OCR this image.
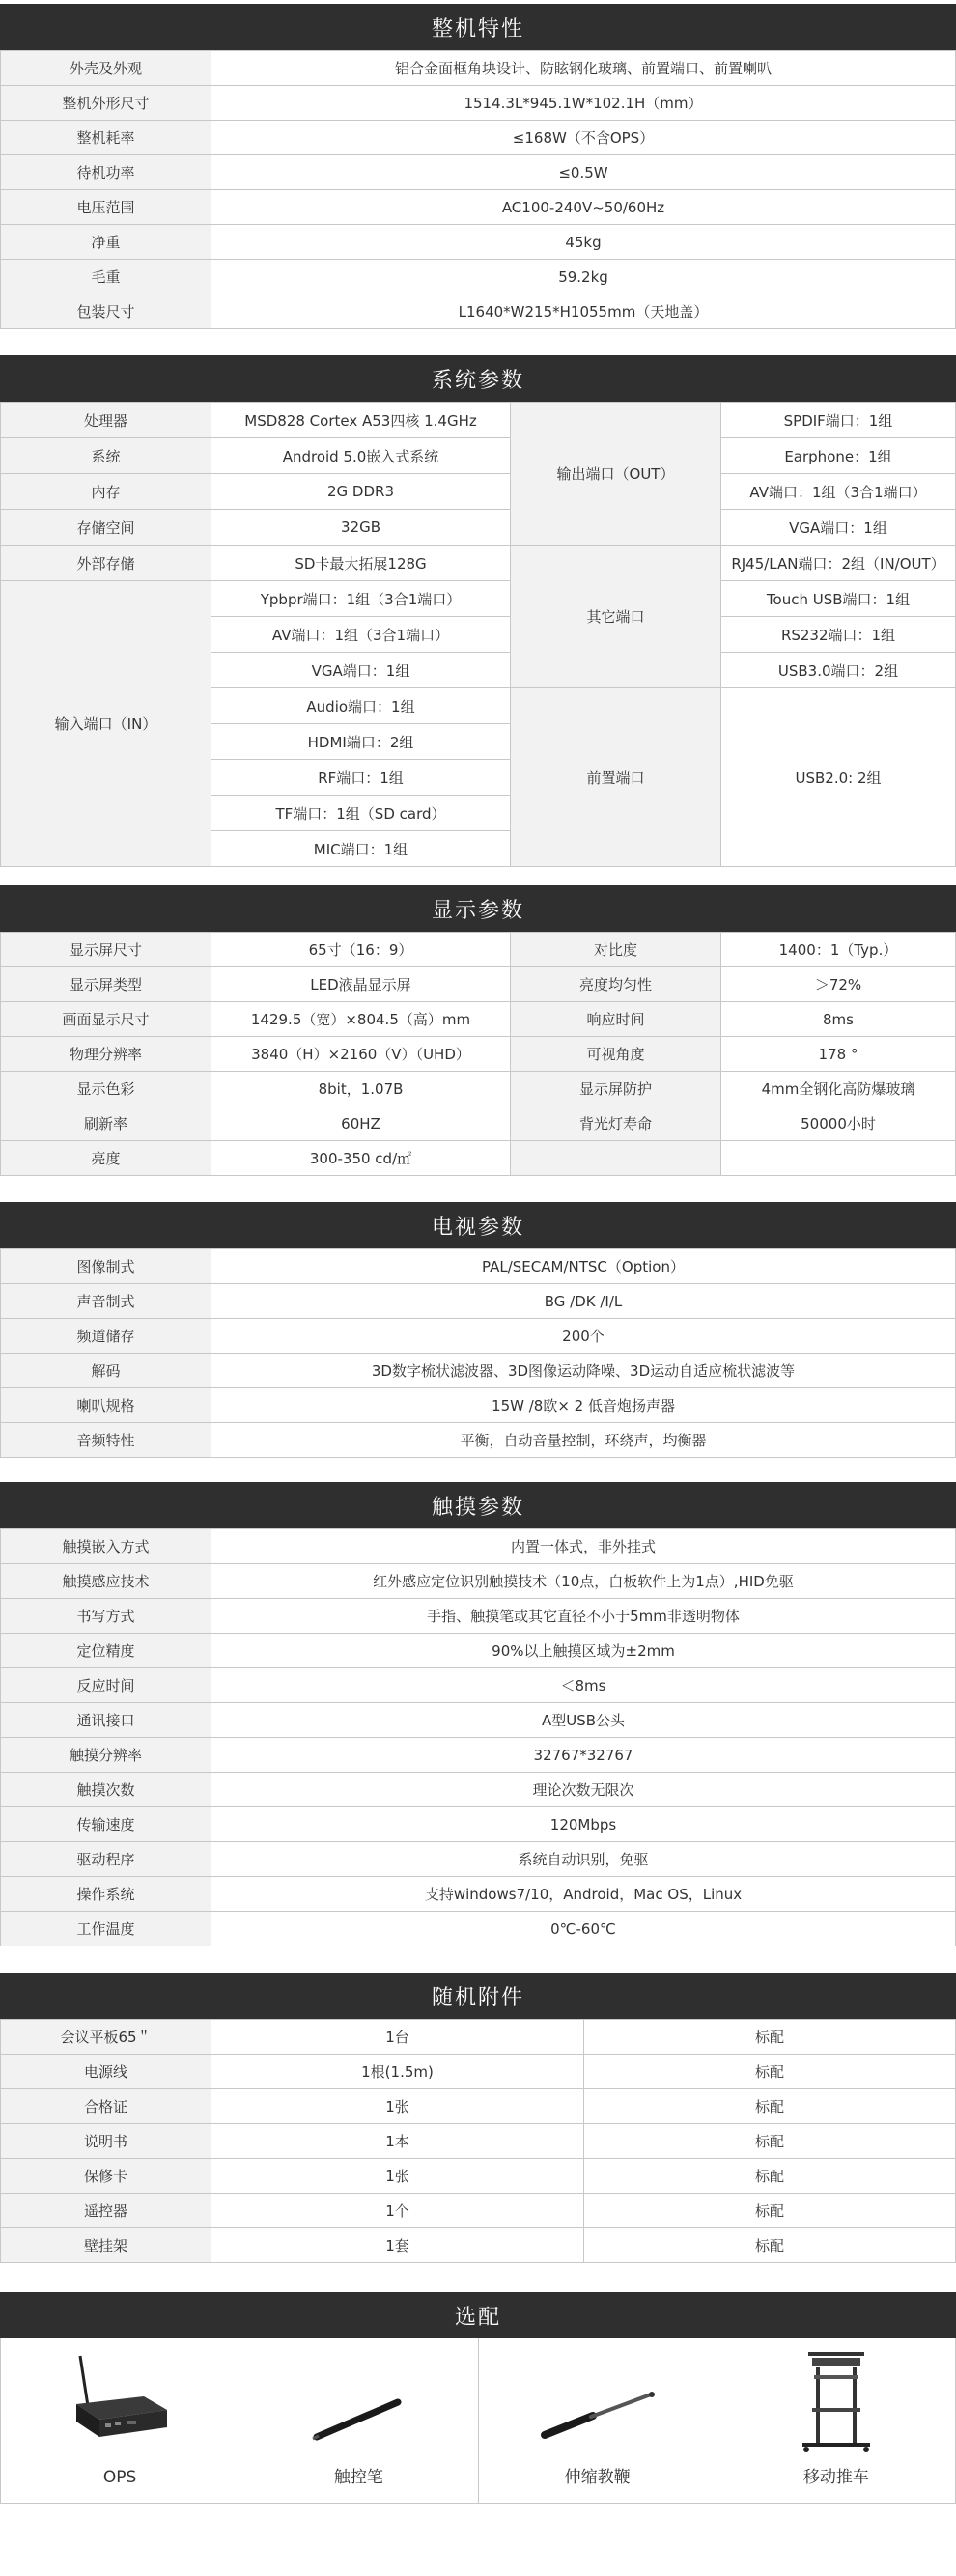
整机特性
外壳及外观	铝合金面框角块设计、防眩钢化玻璃、前置端口、前置喇叭
整机外形尺寸	1514.3L*945.1W*102.1H（mm）
整机耗率	≤168W（不含OPS）
待机功率	≤0.5W
电压范围	AC100-240V~50/60Hz
净重	45kg
毛重	59.2kg
包装尺寸	L1640*W215*H1055mm（天地盖）
系统参数
处理器	MSD828 Cortex A53四核 1.4GHz	输出端口（OUT）	SPDIF端口：1组
系统	Android 5.0嵌入式系统		Earphone：1组
内存	2G DDR3		AV端口：1组（3合1端口）
存储空间	32GB		VGA端口：1组
外部存储	SD卡最大拓展128G	其它端口	RJ45/LAN端口：2组（IN/OUT）
输入端口（IN）	Ypbpr端口：1组（3合1端口）		Touch USB端口：1组
	AV端口：1组（3合1端口）		RS232端口：1组
	VGA端口：1组		USB3.0端口：2组
	Audio端口：1组	前置端口	USB2.0: 2组
	HDMI端口：2组		
	RF端口：1组		
	TF端口：1组（SD card）		
	MIC端口：1组		
显示参数
显示屏尺寸	65寸（16：9）	对比度	1400：1（Typ.）
显示屏类型	LED液晶显示屏	亮度均匀性	＞72%
画面显示尺寸	1429.5（宽）×804.5（高）mm	响应时间	8ms
物理分辨率	3840（H）×2160（V）（UHD）	可视角度	178 °
显示色彩	8bit，1.07B	显示屏防护	4mm全钢化高防爆玻璃
刷新率	60HZ	背光灯寿命	50000小时
亮度	300-350 cd/㎡		
电视参数
图像制式	PAL/SECAM/NTSC（Option）
声音制式	BG /DK /I/L
频道储存	200个
解码	3D数字梳状滤波器、3D图像运动降噪、3D运动自适应梳状滤波等
喇叭规格	15W /8欧× 2 低音炮扬声器
音频特性	平衡，自动音量控制，环绕声，均衡器
触摸参数
触摸嵌入方式	内置一体式，非外挂式
触摸感应技术	红外感应定位识别触摸技术（10点，白板软件上为1点）,HID免驱
书写方式	手指、触摸笔或其它直径不小于5mm非透明物体
定位精度	90%以上触摸区域为±2mm
反应时间	＜8ms
通讯接口	A型USB公头
触摸分辨率	32767*32767
触摸次数	理论次数无限次
传输速度	120Mbps
驱动程序	系统自动识别，免驱
操作系统	支持windows7/10，Android，Mac OS，Linux
工作温度	0℃-60℃
随机附件
会议平板65＂	1台	标配
电源线	1根(1.5m)	标配
合格证	1张	标配
说明书	1本	标配
保修卡	1张	标配
遥控器	1个	标配
壁挂架	1套	标配
选配
OPS	触控笔	伸缩教鞭	移动推车
